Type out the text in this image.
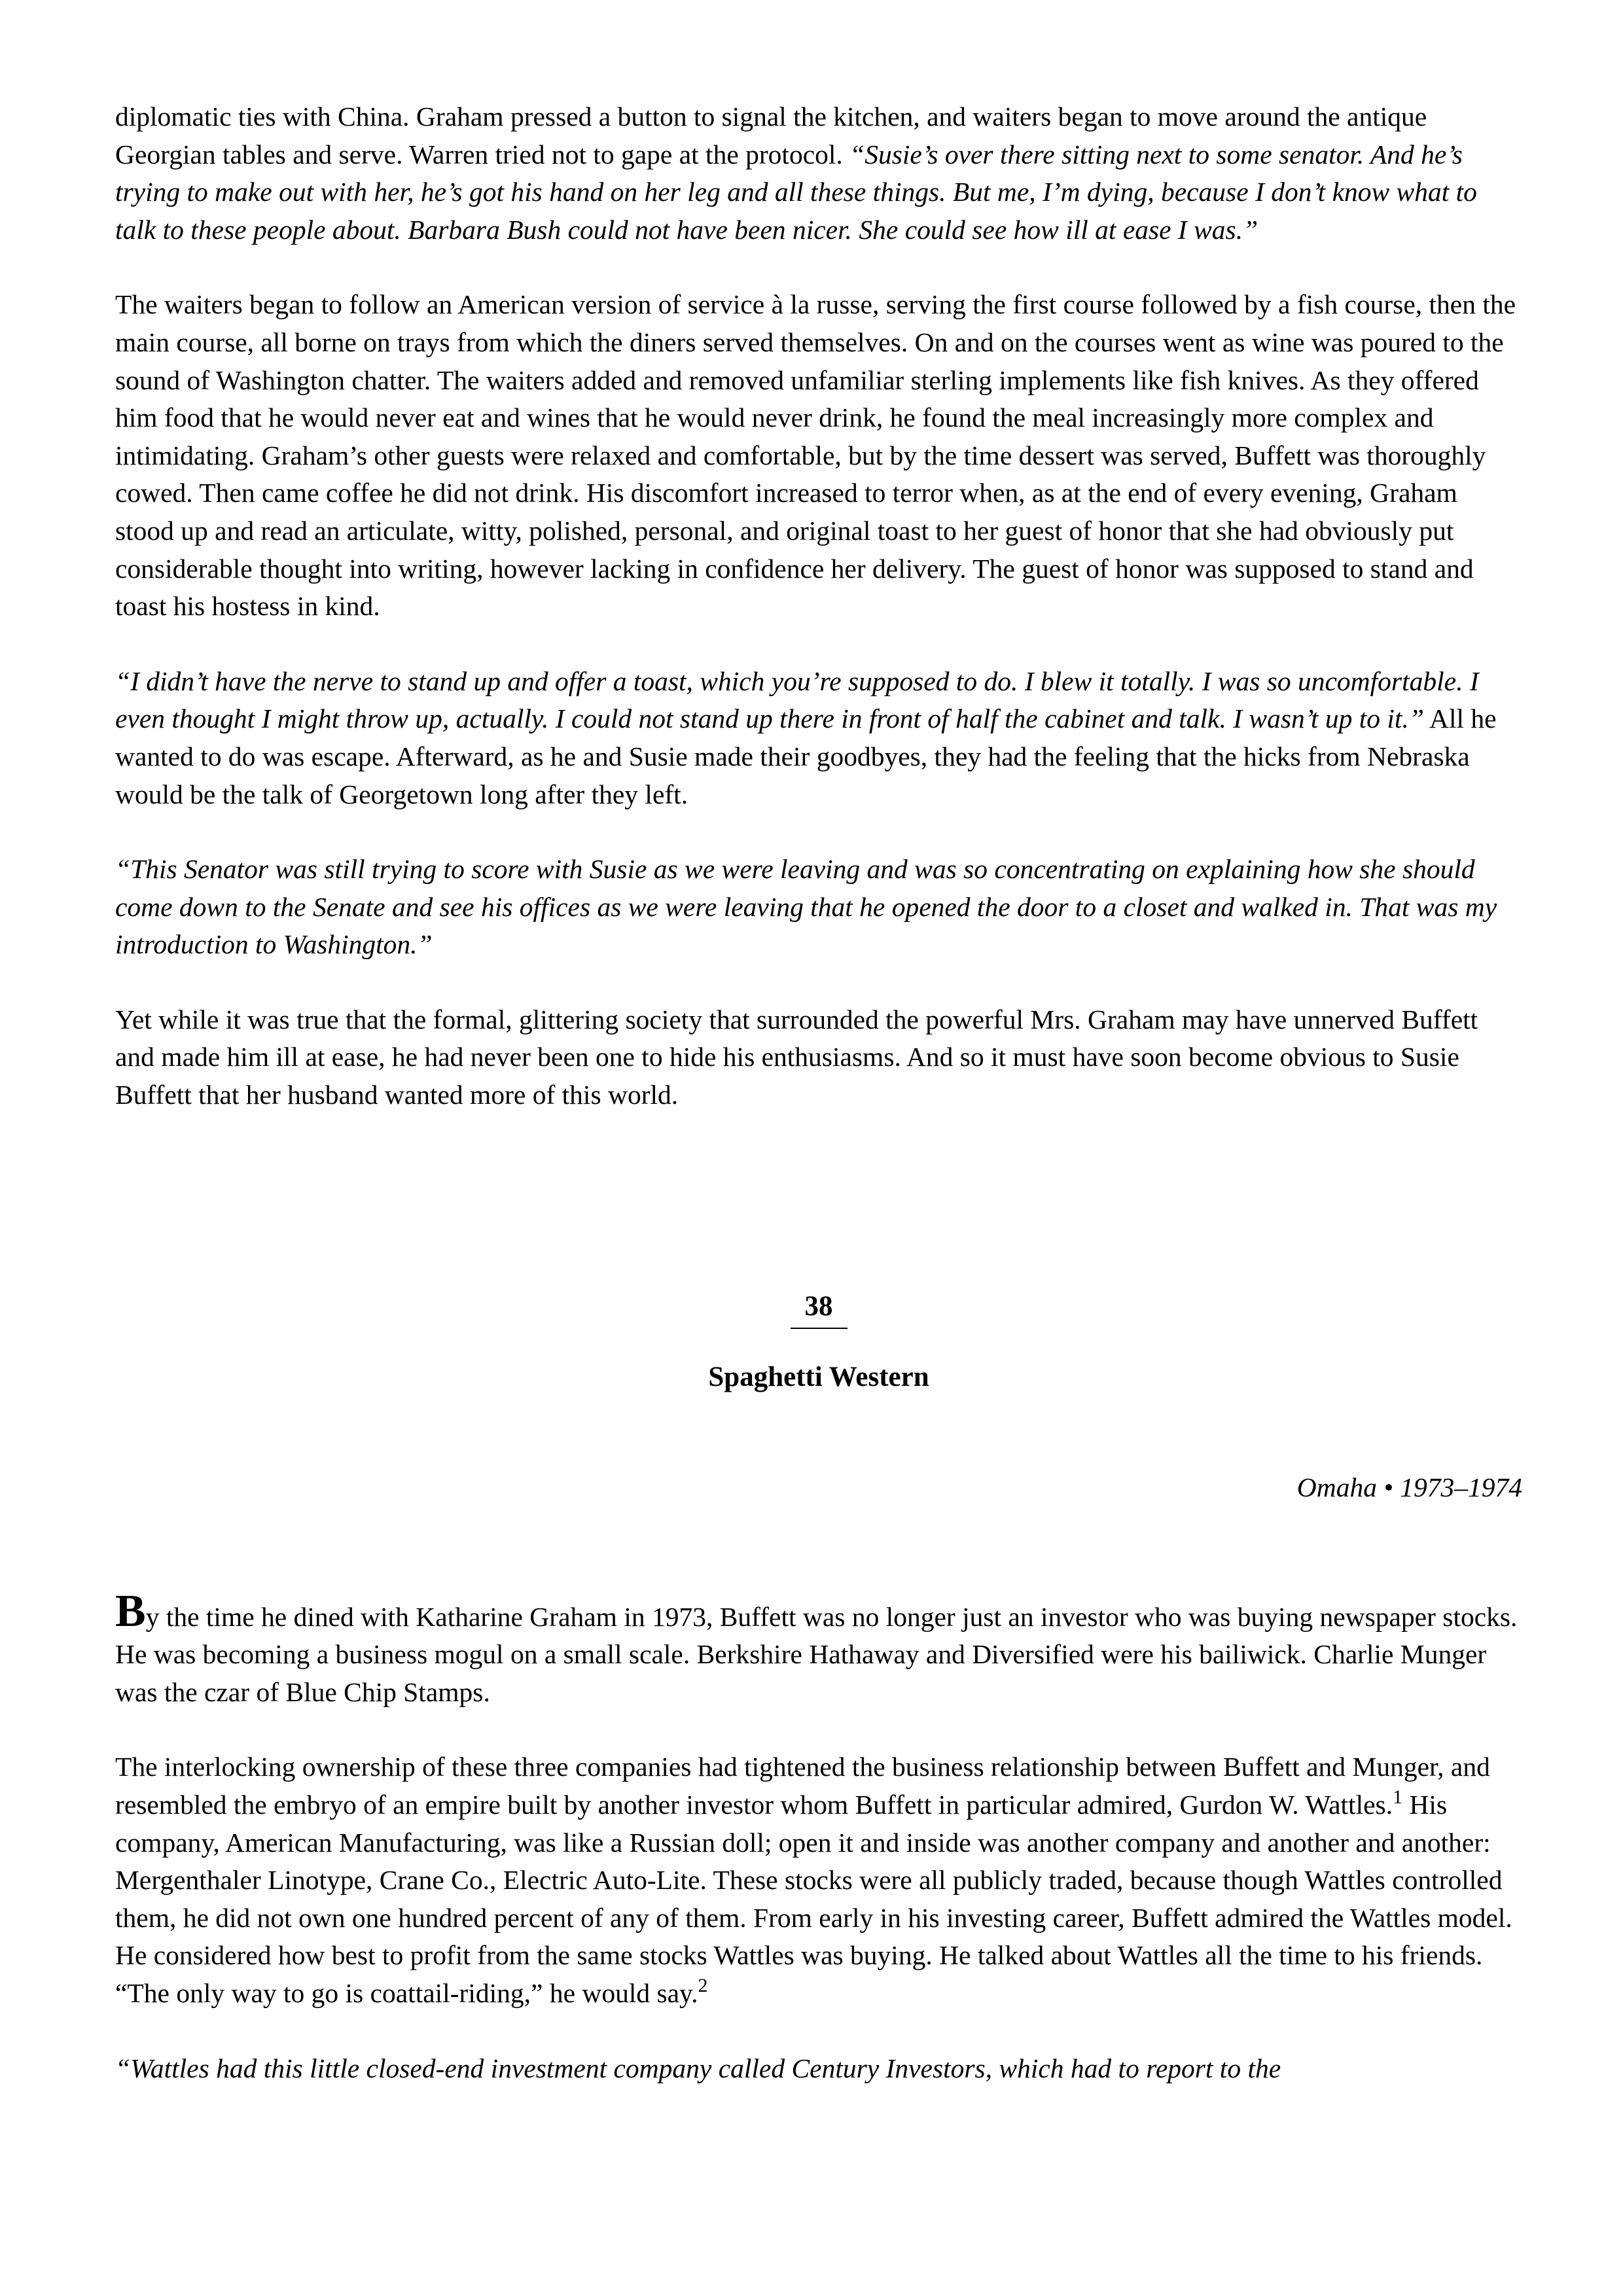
diplomatic ties with China. Graham pressed a button to signal the kitchen, and waiters began to move around the antique Georgian tables and serve. Warren tried not to gape at the protocol. “Susie’s over there sitting next to some senator. And he’s trying to make out with her, he’s got his hand on her leg and all these things. But me, I’m dying, because I don’t know what to talk to these people about. Barbara Bush could not have been nicer. She could see how ill at ease I was.”

The waiters began to follow an American version of service à la russe, serving the first course followed by a fish course, then the main course, all borne on trays from which the diners served themselves. On and on the courses went as wine was poured to the sound of Washington chatter. The waiters added and removed unfamiliar sterling implements like fish knives. As they offered him food that he would never eat and wines that he would never drink, he found the meal increasingly more complex and intimidating. Graham’s other guests were relaxed and comfortable, but by the time dessert was served, Buffett was thoroughly cowed. Then came coffee he did not drink. His discomfort increased to terror when, as at the end of every evening, Graham stood up and read an articulate, witty, polished, personal, and original toast to her guest of honor that she had obviously put considerable thought into writing, however lacking in confidence her delivery. The guest of honor was supposed to stand and toast his hostess in kind.

“I didn’t have the nerve to stand up and offer a toast, which you’re supposed to do. I blew it totally. I was so uncomfortable. I even thought I might throw up, actually. I could not stand up there in front of half the cabinet and talk. I wasn’t up to it.” All he wanted to do was escape. Afterward, as he and Susie made their goodbyes, they had the feeling that the hicks from Nebraska would be the talk of Georgetown long after they left.

“This Senator was still trying to score with Susie as we were leaving and was so concentrating on explaining how she should come down to the Senate and see his offices as we were leaving that he opened the door to a closet and walked in. That was my introduction to Washington.”

Yet while it was true that the formal, glittering society that surrounded the powerful Mrs. Graham may have unnerved Buffett and made him ill at ease, he had never been one to hide his enthusiasms. And so it must have soon become obvious to Susie Buffett that her husband wanted more of this world.

38
Spaghetti Western
Omaha • 1973–1974

By the time he dined with Katharine Graham in 1973, Buffett was no longer just an investor who was buying newspaper stocks. He was becoming a business mogul on a small scale. Berkshire Hathaway and Diversified were his bailiwick. Charlie Munger was the czar of Blue Chip Stamps.

The interlocking ownership of these three companies had tightened the business relationship between Buffett and Munger, and resembled the embryo of an empire built by another investor whom Buffett in particular admired, Gurdon W. Wattles.$^1$ His company, American Manufacturing, was like a Russian doll; open it and inside was another company and another and another: Mergenthaler Linotype, Crane Co., Electric Auto-Lite. These stocks were all publicly traded, because though Wattles controlled them, he did not own one hundred percent of any of them. From early in his investing career, Buffett admired the Wattles model. He considered how best to profit from the same stocks Wattles was buying. He talked about Wattles all the time to his friends. “The only way to go is coattail-riding,” he would say.$^2$

“Wattles had this little closed-end investment company called Century Investors, which had to report to the
